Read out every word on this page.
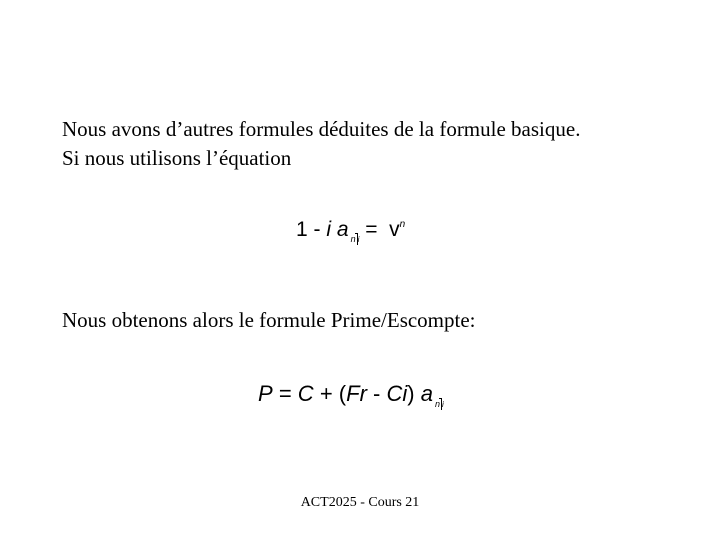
Nous avons d’autres formules déduites de la formule basique.
Si nous utilisons l’équation
1 - i a n $i = v^n$
Nous obtenons alors le formule Prime/Escompte:
P = C + (Fr - Ci) a n i
ACT2025 - Cours 21
